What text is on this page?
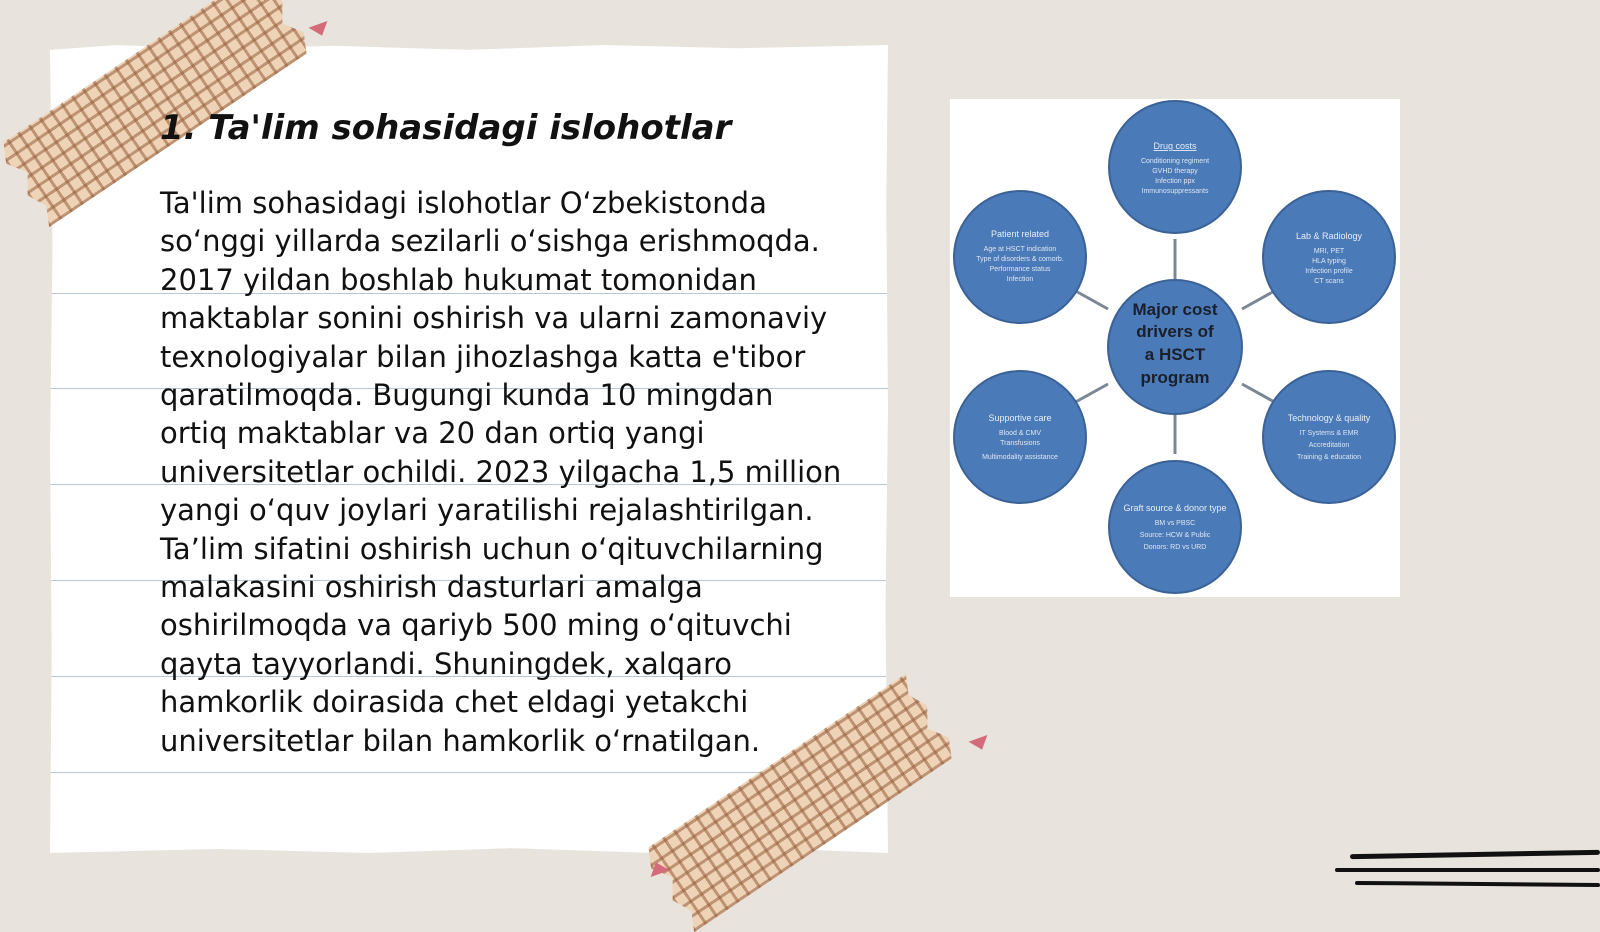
1. Ta'lim sohasidagi islohotlar

Ta'lim sohasidagi islohotlar O‘zbekistonda so‘nggi yillarda sezilarli o‘sishga erishmoqda. 2017 yildan boshlab hukumat tomonidan maktablar sonini oshirish va ularni zamonaviy texnologiyalar bilan jihozlashga katta e'tibor qaratilmoqda. Bugungi kunda 10 mingdan ortiq maktablar va 20 dan ortiq yangi universitetlar ochildi. 2023 yilgacha 1,5 million yangi o‘quv joylari yaratilishi rejalashtirilgan. Ta’lim sifatini oshirish uchun o‘qituvchilarning malakasini oshirish dasturlari amalga oshirilmoqda va qariyb 500 ming o‘qituvchi qayta tayyorlandi. Shuningdek, xalqaro hamkorlik doirasida chet eldagi yetakchi universitetlar bilan hamkorlik o‘rnatilgan.

Major cost
drivers of
a HSCT
program
Drug costs
Conditioning regiment
GVHD therapy
Infection ppx
Immunosuppressants
Lab & Radiology
MRI, PET
HLA typing
Infection profile
CT scans
Technology & quality
IT Systems & EMR
Accreditation
Training & education
Graft source & donor type
BM vs PBSC
Source: HCW & Public
Donors: RD vs URD
Supportive care
Blood & CMV
Transfusions
Multimodality assistance
Patient related
Age at HSCT indication
Type of disorders & comorb.
Performance status
Infection
